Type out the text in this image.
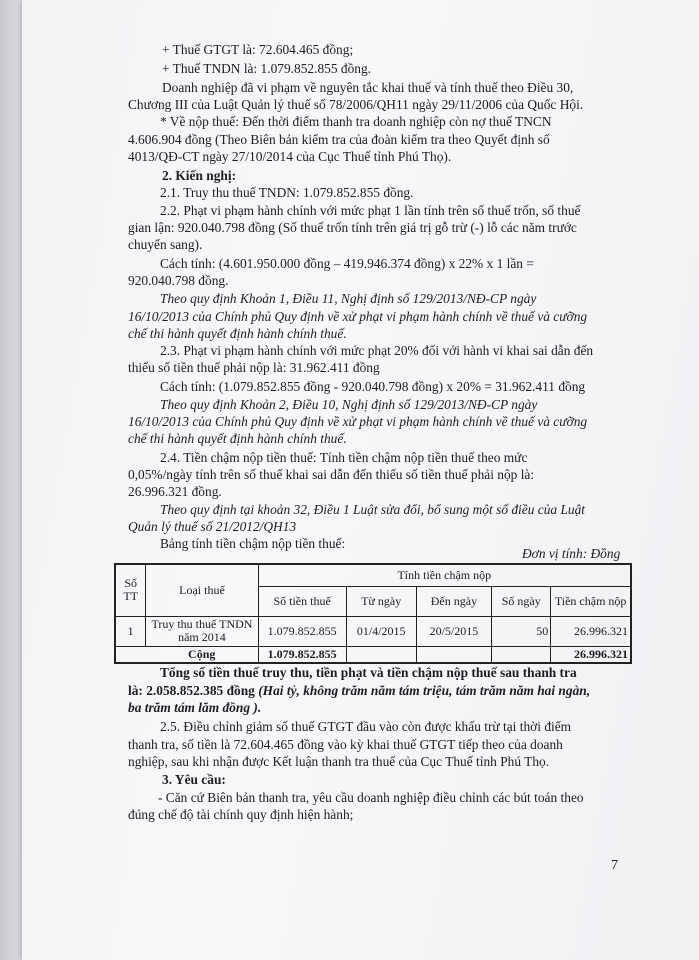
+ Thuế GTGT là: 72.604.465 đồng;
+ Thuế TNDN là: 1.079.852.855 đồng.
Doanh nghiệp đã vi phạm về nguyên tắc khai thuế và tính thuế theo Điều 30,
Chương III của Luật Quản lý thuế số 78/2006/QH11 ngày 29/11/2006 của Quốc Hội.
* Về nộp thuế: Đến thời điểm thanh tra doanh nghiệp còn nợ thuế TNCN
4.606.904 đồng (Theo Biên bản kiểm tra của đoàn kiểm tra theo Quyết định số
4013/QĐ-CT ngày 27/10/2014 của Cục Thuế tỉnh Phú Thọ).
2. Kiến nghị:
2.1. Truy thu thuế TNDN: 1.079.852.855 đồng.
2.2. Phạt vi phạm hành chính với mức phạt 1 lần tính trên số thuế trốn, số thuế
gian lận: 920.040.798 đồng (Số thuế trốn tính trên giá trị gỗ trừ (-) lỗ các năm trước
chuyển sang).
Cách tính: (4.601.950.000 đồng – 419.946.374 đồng) x 22% x 1 lần =
920.040.798 đồng.
Theo quy định Khoản 1, Điều 11, Nghị định số 129/2013/NĐ-CP ngày
16/10/2013 của Chính phủ Quy định về xử phạt vi phạm hành chính về thuế và cưỡng
chế thi hành quyết định hành chính thuế.
2.3. Phạt vi phạm hành chính với mức phạt 20% đối với hành vi khai sai dẫn đến
thiếu số tiền thuế phải nộp là: 31.962.411 đồng
Cách tính: (1.079.852.855 đồng - 920.040.798 đồng) x 20% = 31.962.411 đồng
Theo quy định Khoản 2, Điều 10, Nghị định số 129/2013/NĐ-CP ngày
16/10/2013 của Chính phủ Quy định về xử phạt vi phạm hành chính về thuế và cưỡng
chế thi hành quyết định hành chính thuế.
2.4. Tiền chậm nộp tiền thuế: Tính tiền chậm nộp tiền thuế theo mức
0,05%/ngày tính trên số thuế khai sai dẫn đến thiếu số tiền thuế phải nộp là:
26.996.321 đồng.
Theo quy định tại khoản 32, Điều 1 Luật sửa đổi, bổ sung một số điều của Luật
Quản lý thuế số 21/2012/QH13
Bảng tính tiền chậm nộp tiền thuế:
Đơn vị tính: Đồng
Số TT	Loại thuế	Tính tiền chậm nộp				
		Số tiền thuế	Từ ngày	Đến ngày	Số ngày	Tiền chậm nộp
1	Truy thu thuế TNDN năm 2014	1.079.852.855	01/4/2015	20/5/2015	50	26.996.321
	Cộng	1.079.852.855				26.996.321
Tổng số tiền thuế truy thu, tiền phạt và tiền chậm nộp thuế sau thanh tra
là: 2.058.852.385 đồng (Hai tỷ, không trăm năm tám triệu, tám trăm năm hai ngàn,
ba trăm tám lăm đồng ).
2.5. Điều chỉnh giảm số thuế GTGT đầu vào còn được khấu trừ tại thời điểm
thanh tra, số tiền là 72.604.465 đồng vào kỳ khai thuế GTGT tiếp theo của doanh
nghiệp, sau khi nhận được Kết luận thanh tra thuế của Cục Thuế tỉnh Phú Thọ.
3. Yêu cầu:
- Căn cứ Biên bản thanh tra, yêu cầu doanh nghiệp điều chỉnh các bút toán theo
đúng chế độ tài chính quy định hiện hành;
7
